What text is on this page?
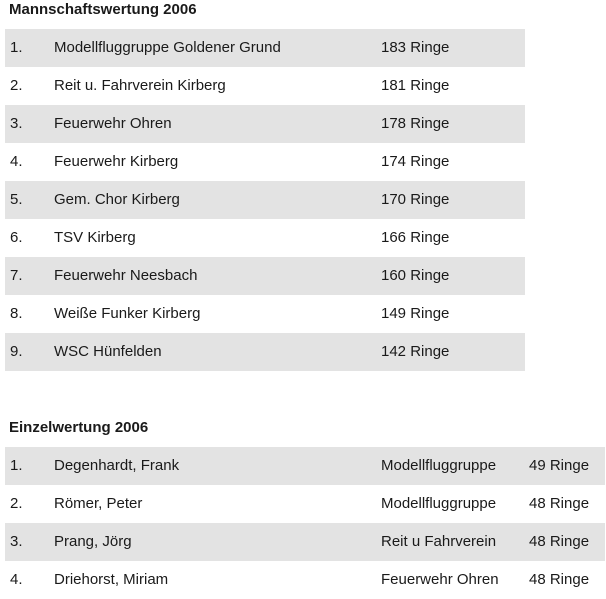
Mannschaftswertung 2006
1. Modellfluggruppe Goldener Grund	183 Ringe
2. Reit u. Fahrverein Kirberg	181 Ringe
3. Feuerwehr Ohren	178 Ringe
4. Feuerwehr Kirberg	174 Ringe
5. Gem. Chor Kirberg	170 Ringe
6. TSV Kirberg	166 Ringe
7. Feuerwehr Neesbach	160 Ringe
8. Weiße Funker Kirberg	149 Ringe
9. WSC Hünfelden	142 Ringe
Einzelwertung 2006
1. Degenhardt, Frank	Modellfluggruppe 49 Ringe
2. Römer, Peter	Modellfluggruppe 48 Ringe
3. Prang, Jörg	Reit u Fahrverein 48 Ringe
4. Driehorst, Miriam	Feuerwehr Ohren 48 Ringe
